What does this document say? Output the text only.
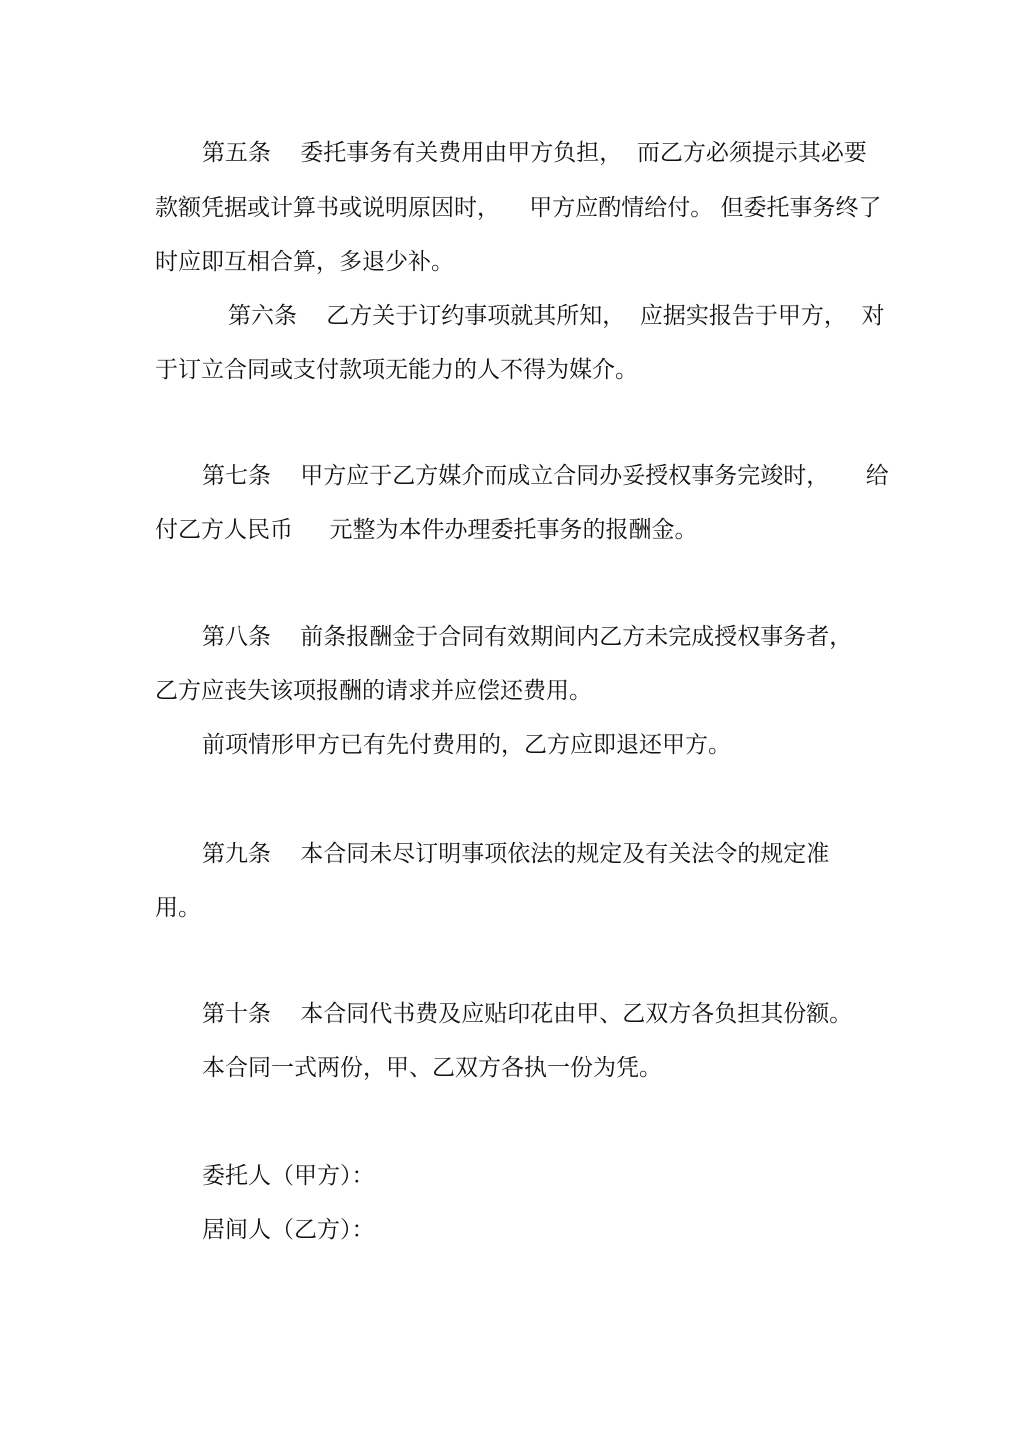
第五条    委托事务有关费用由甲方负担，  而乙方必须提示其必要

款额凭据或计算书或说明原因时，    甲方应酌情给付。 但委托事务终了

时应即互相合算，多退少补。

第六条    乙方关于订约事项就其所知，  应据实报告于甲方，  对

于订立合同或支付款项无能力的人不得为媒介。

第七条    甲方应于乙方媒介而成立合同办妥授权事务完竣时，     给

付乙方人民币     元整为本件办理委托事务的报酬金。

第八条    前条报酬金于合同有效期间内乙方未完成授权事务者，

乙方应丧失该项报酬的请求并应偿还费用。

前项情形甲方已有先付费用的，乙方应即退还甲方。

第九条    本合同未尽订明事项依法的规定及有关法令的规定准

用。

第十条    本合同代书费及应贴印花由甲、乙双方各负担其份额。

本合同一式两份，甲、乙双方各执一份为凭。

委托人（甲方）：

居间人（乙方）：
